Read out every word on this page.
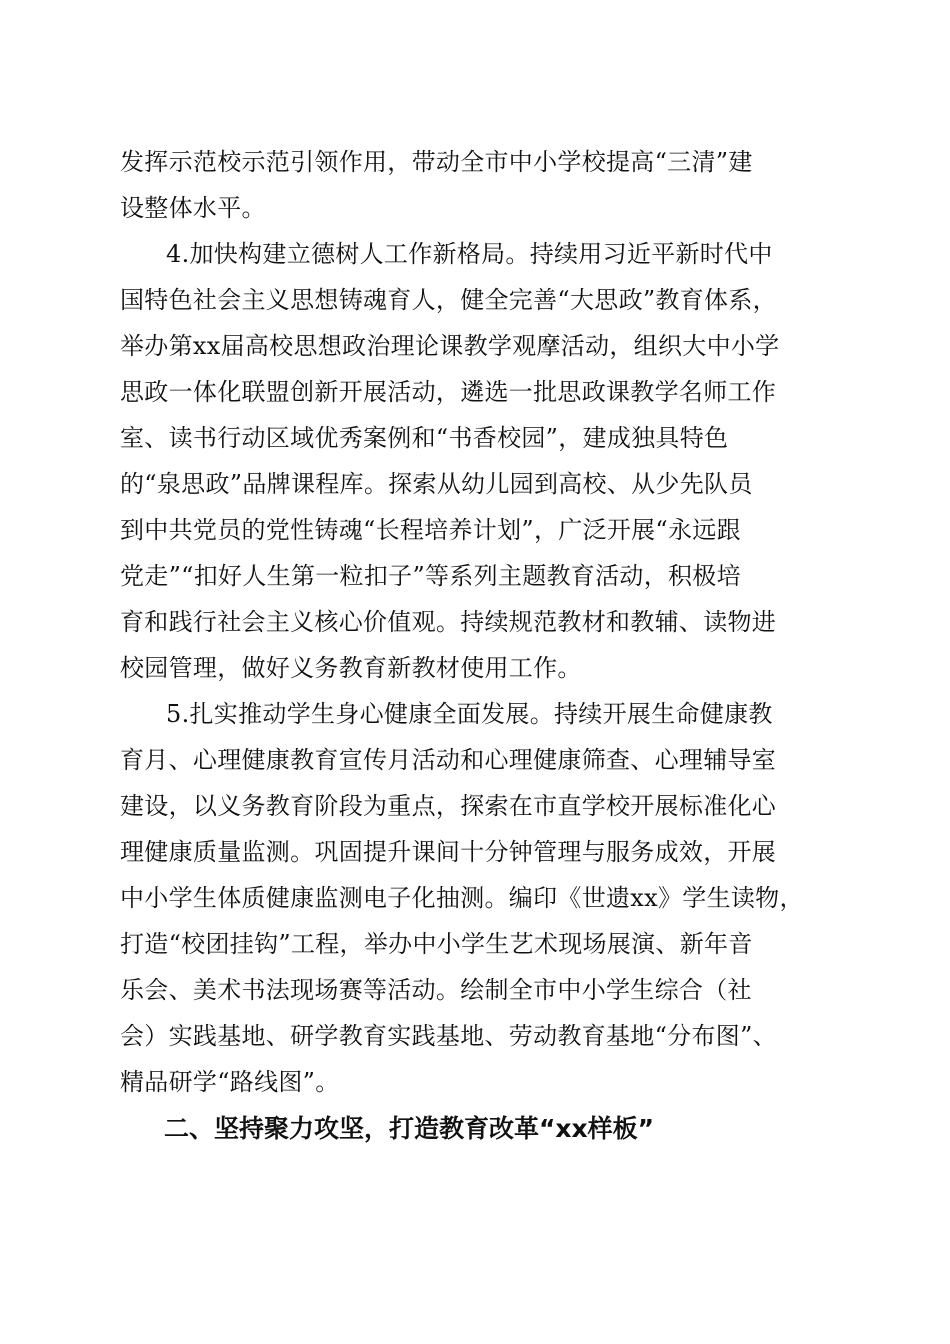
发挥示范校示范引领作用，带动全市中小学校提高“三清”建
设整体水平。
4.加快构建立德树人工作新格局。持续用习近平新时代中
国特色社会主义思想铸魂育人，健全完善“大思政”教育体系，
举办第xx届高校思想政治理论课教学观摩活动，组织大中小学
思政一体化联盟创新开展活动，遴选一批思政课教学名师工作
室、读书行动区域优秀案例和“书香校园”，建成独具特色
的“泉思政”品牌课程库。探索从幼儿园到高校、从少先队员
到中共党员的党性铸魂“长程培养计划”，广泛开展“永远跟
党走”“扣好人生第一粒扣子”等系列主题教育活动，积极培
育和践行社会主义核心价值观。持续规范教材和教辅、读物进
校园管理，做好义务教育新教材使用工作。
5.扎实推动学生身心健康全面发展。持续开展生命健康教
育月、心理健康教育宣传月活动和心理健康筛查、心理辅导室
建设，以义务教育阶段为重点，探索在市直学校开展标准化心
理健康质量监测。巩固提升课间十分钟管理与服务成效，开展
中小学生体质健康监测电子化抽测。编印《世遗xx》学生读物，
打造“校团挂钩”工程，举办中小学生艺术现场展演、新年音
乐会、美术书法现场赛等活动。绘制全市中小学生综合（社
会）实践基地、研学教育实践基地、劳动教育基地“分布图”、
精品研学“路线图”。
二、坚持聚力攻坚，打造教育改革“xx样板”
